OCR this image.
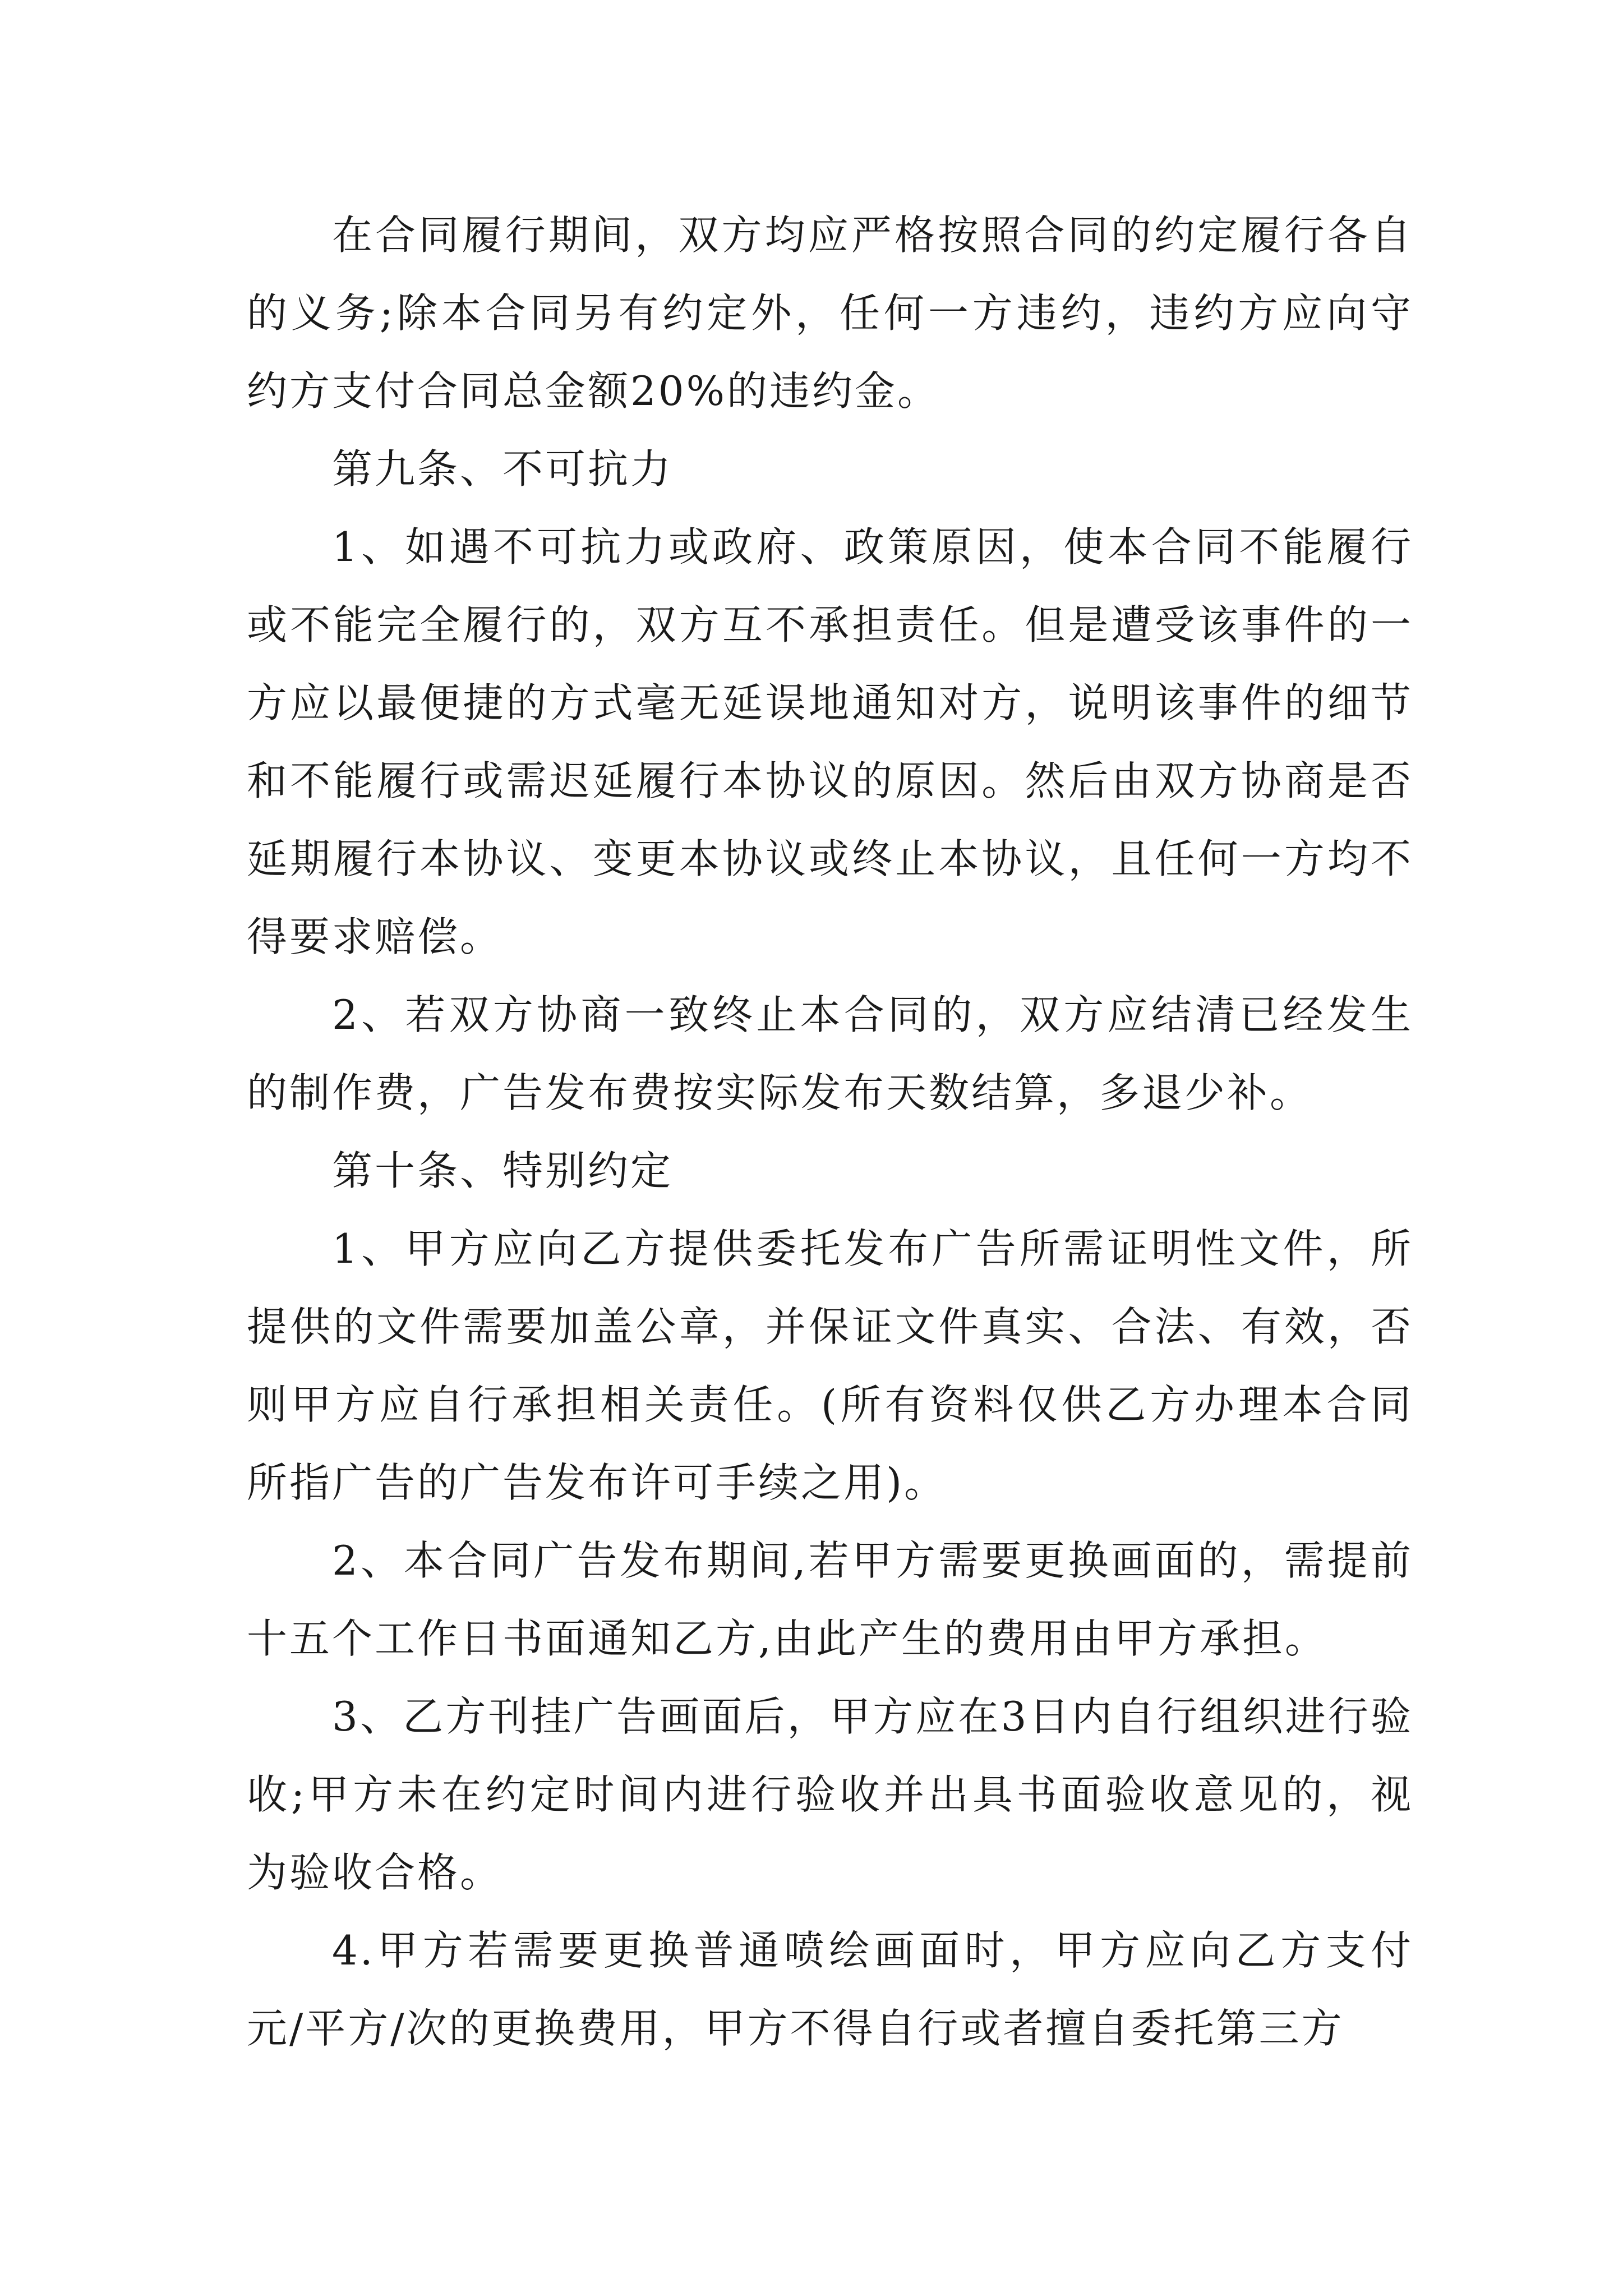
在合同履行期间，双方均应严格按照合同的约定履行各自的义务;除本合同另有约定外，任何一方违约，违约方应向守约方支付合同总金额20%的违约金。

第九条、不可抗力

1、如遇不可抗力或政府、政策原因，使本合同不能履行或不能完全履行的，双方互不承担责任。但是遭受该事件的一方应以最便捷的方式毫无延误地通知对方，说明该事件的细节和不能履行或需迟延履行本协议的原因。然后由双方协商是否延期履行本协议、变更本协议或终止本协议，且任何一方均不得要求赔偿。

2、若双方协商一致终止本合同的，双方应结清已经发生的制作费，广告发布费按实际发布天数结算，多退少补。

第十条、特别约定

1、甲方应向乙方提供委托发布广告所需证明性文件，所提供的文件需要加盖公章，并保证文件真实、合法、有效，否则甲方应自行承担相关责任。(所有资料仅供乙方办理本合同所指广告的广告发布许可手续之用)。

2、本合同广告发布期间,若甲方需要更换画面的，需提前十五个工作日书面通知乙方,由此产生的费用由甲方承担。

3、乙方刊挂广告画面后，甲方应在3日内自行组织进行验收;甲方未在约定时间内进行验收并出具书面验收意见的，视为验收合格。

4.甲方若需要更换普通喷绘画面时，甲方应向乙方支付元/平方/次的更换费用，甲方不得自行或者擅自委托第三方
